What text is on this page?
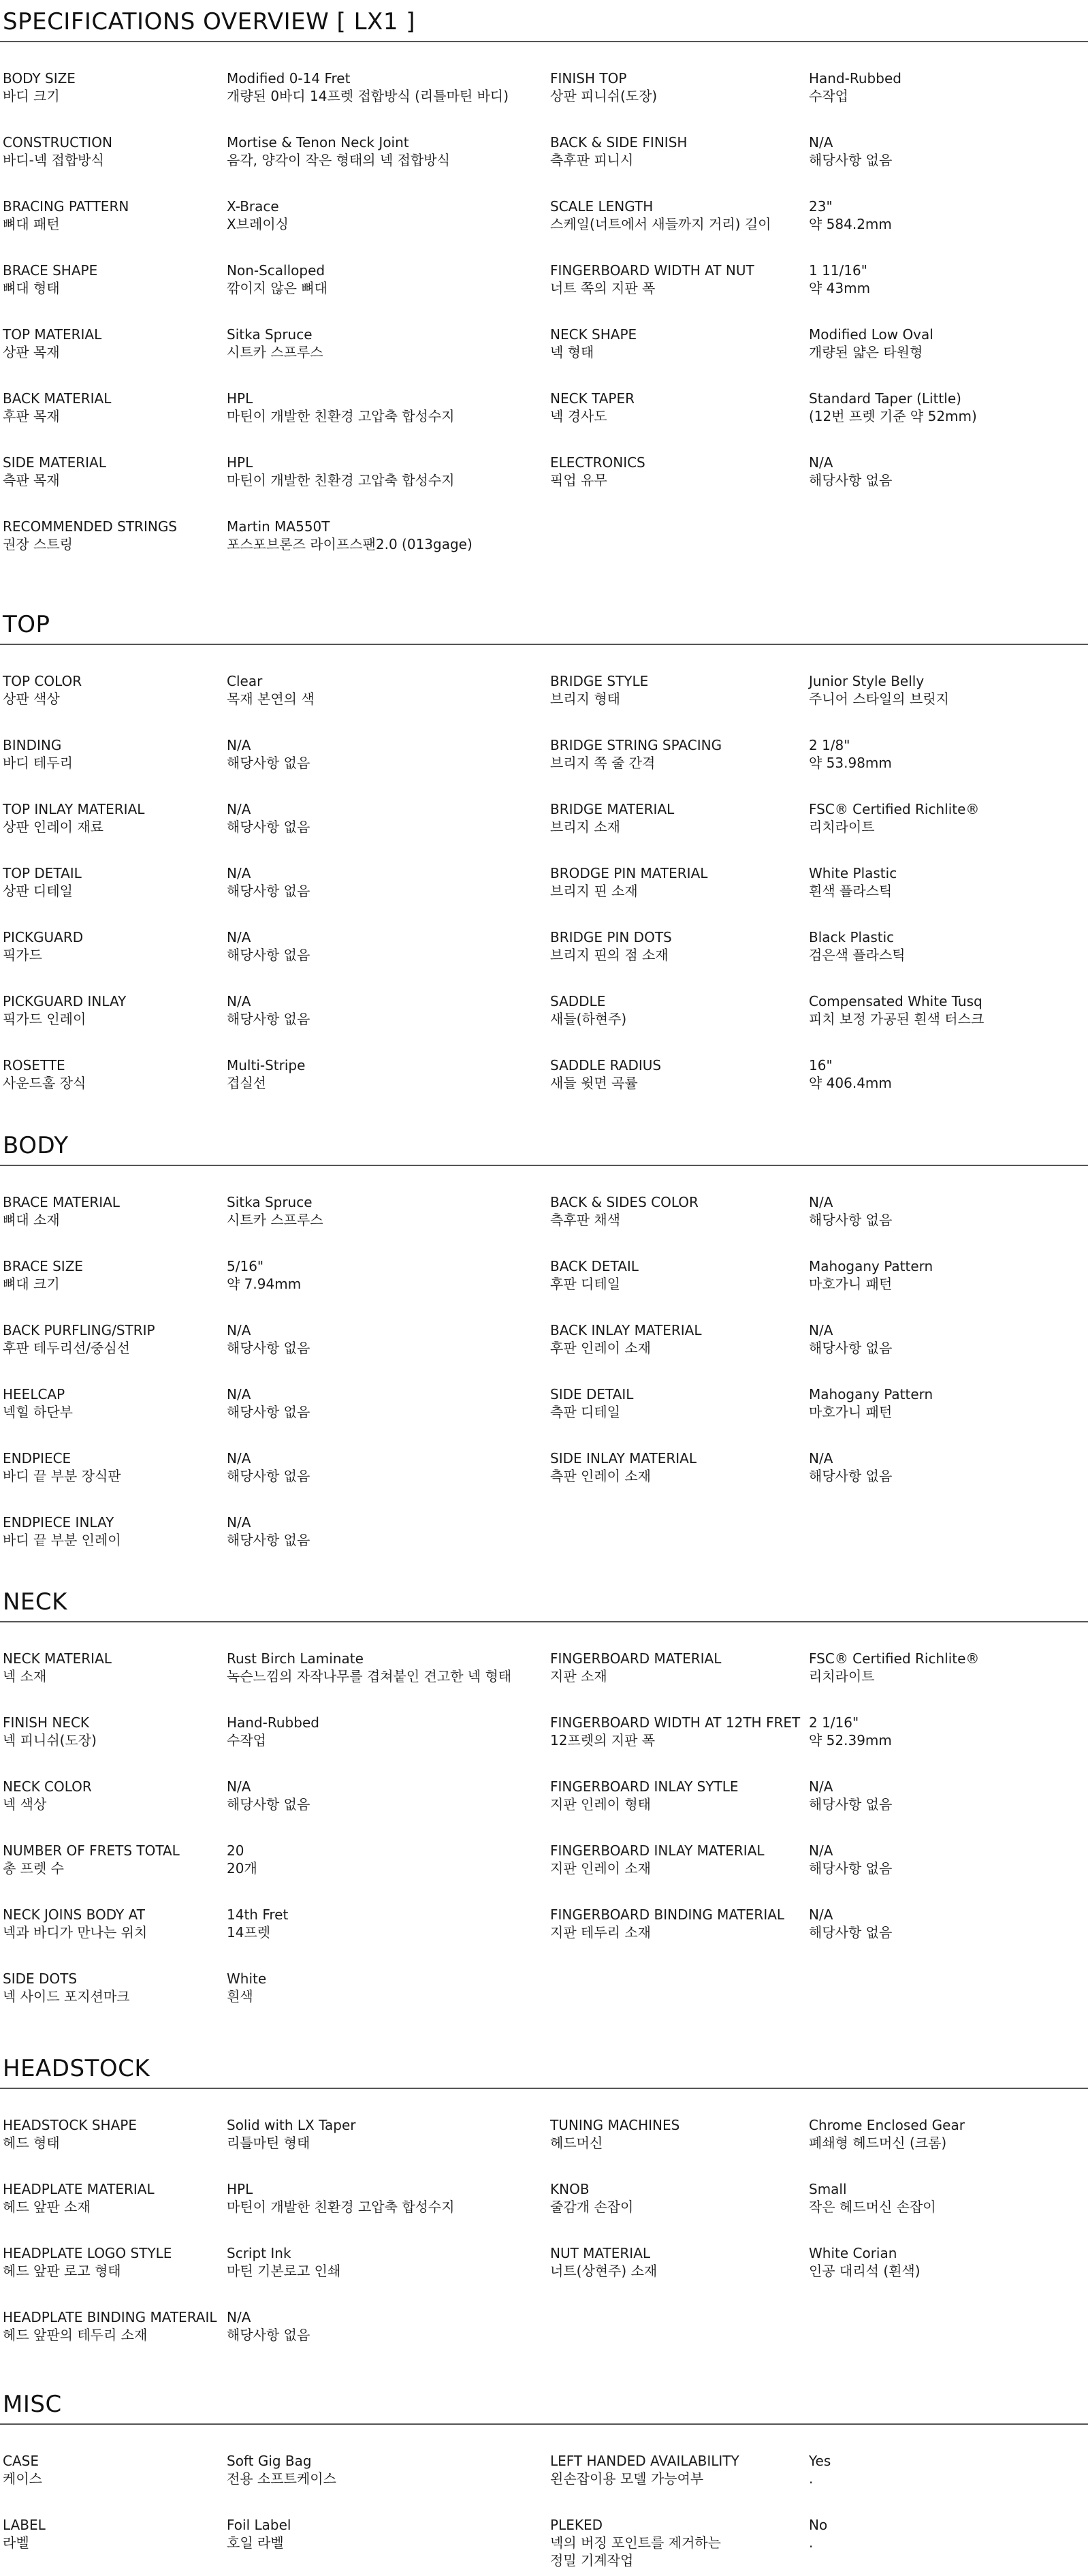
SPECIFICATIONS OVERVIEW [ LX1 ]
BODY SIZE
바디 크기
Modified 0-14 Fret
개량된 0바디 14프렛 접합방식 (리틀마틴 바디)
FINISH TOP
상판 피니쉬(도장)
Hand-Rubbed
수작업
CONSTRUCTION
바디-넥 접합방식
Mortise & Tenon Neck Joint
음각, 양각이 작은 형태의 넥 접합방식
BACK & SIDE FINISH
측후판 피니시
N/A
해당사항 없음
BRACING PATTERN
뼈대 패턴
X-Brace
X브레이싱
SCALE LENGTH
스케일(너트에서 새들까지 거리) 길이
23"
약 584.2mm
BRACE SHAPE
뼈대 형태
Non-Scalloped
깎이지 않은 뼈대
FINGERBOARD WIDTH AT NUT
너트 쪽의 지판 폭
1 11/16"
약 43mm
TOP MATERIAL
상판 목재
Sitka Spruce
시트카 스프루스
NECK SHAPE
넥 형태
Modified Low Oval
개량된 얇은 타원형
BACK MATERIAL
후판 목재
HPL
마틴이 개발한 친환경 고압축 합성수지
NECK TAPER
넥 경사도
Standard Taper (Little)
(12번 프렛 기준 약 52mm)
SIDE MATERIAL
측판 목재
HPL
마틴이 개발한 친환경 고압축 합성수지
ELECTRONICS
픽업 유무
N/A
해당사항 없음
RECOMMENDED STRINGS
권장 스트링
Martin MA550T
포스포브론즈 라이프스팬2.0 (013gage)
TOP
TOP COLOR
상판 색상
Clear
목재 본연의 색
BRIDGE STYLE
브리지 형태
Junior Style Belly
주니어 스타일의 브릿지
BINDING
바디 테두리
N/A
해당사항 없음
BRIDGE STRING SPACING
브리지 쪽 줄 간격
2 1/8"
약 53.98mm
TOP INLAY MATERIAL
상판 인레이 재료
N/A
해당사항 없음
BRIDGE MATERIAL
브리지 소재
FSC® Certified Richlite®
리치라이트
TOP DETAIL
상판 디테일
N/A
해당사항 없음
BRODGE PIN MATERIAL
브리지 핀 소재
White Plastic
흰색 플라스틱
PICKGUARD
픽가드
N/A
해당사항 없음
BRIDGE PIN DOTS
브리지 핀의 점 소재
Black Plastic
검은색 플라스틱
PICKGUARD INLAY
픽가드 인레이
N/A
해당사항 없음
SADDLE
새들(하현주)
Compensated White Tusq
피치 보정 가공된 흰색 터스크
ROSETTE
사운드홀 장식
Multi-Stripe
겹실선
SADDLE RADIUS
새들 윗면 곡률
16"
약 406.4mm
BODY
BRACE MATERIAL
뼈대 소재
Sitka Spruce
시트카 스프루스
BACK & SIDES COLOR
측후판 채색
N/A
해당사항 없음
BRACE SIZE
뼈대 크기
5/16"
약 7.94mm
BACK DETAIL
후판 디테일
Mahogany Pattern
마호가니 패턴
BACK PURFLING/STRIP
후판 테두리선/중심선
N/A
해당사항 없음
BACK INLAY MATERIAL
후판 인레이 소재
N/A
해당사항 없음
HEELCAP
넥힐 하단부
N/A
해당사항 없음
SIDE DETAIL
측판 디테일
Mahogany Pattern
마호가니 패턴
ENDPIECE
바디 끝 부분 장식판
N/A
해당사항 없음
SIDE INLAY MATERIAL
측판 인레이 소재
N/A
해당사항 없음
ENDPIECE INLAY
바디 끝 부분 인레이
N/A
해당사항 없음
NECK
NECK MATERIAL
넥 소재
Rust Birch Laminate
녹슨느낌의 자작나무를 겹쳐붙인 견고한 넥 형태
FINGERBOARD MATERIAL
지판 소재
FSC® Certified Richlite®
리치라이트
FINISH NECK
넥 피니쉬(도장)
Hand-Rubbed
수작업
FINGERBOARD WIDTH AT 12TH FRET
12프렛의 지판 폭
2 1/16"
약 52.39mm
NECK COLOR
넥 색상
N/A
해당사항 없음
FINGERBOARD INLAY SYTLE
지판 인레이 형태
N/A
해당사항 없음
NUMBER OF FRETS TOTAL
총 프렛 수
20
20개
FINGERBOARD INLAY MATERIAL
지판 인레이 소재
N/A
해당사항 없음
NECK JOINS BODY AT
넥과 바디가 만나는 위치
14th Fret
14프렛
FINGERBOARD BINDING MATERIAL
지판 테두리 소재
N/A
해당사항 없음
SIDE DOTS
넥 사이드 포지션마크
White
흰색
HEADSTOCK
HEADSTOCK SHAPE
헤드 형태
Solid with LX Taper
리틀마틴 형태
TUNING MACHINES
헤드머신
Chrome Enclosed Gear
폐쇄형 헤드머신 (크롬)
HEADPLATE MATERIAL
헤드 앞판 소재
HPL
마틴이 개발한 친환경 고압축 합성수지
KNOB
줄감개 손잡이
Small
작은 헤드머신 손잡이
HEADPLATE LOGO STYLE
헤드 앞판 로고 형태
Script Ink
마틴 기본로고 인쇄
NUT MATERIAL
너트(상현주) 소재
White Corian
인공 대리석 (흰색)
HEADPLATE BINDING MATERAIL
헤드 앞판의 테두리 소재
N/A
해당사항 없음
MISC
CASE
케이스
Soft Gig Bag
전용 소프트케이스
LEFT HANDED AVAILABILITY
왼손잡이용 모델 가능여부
Yes
.
LABEL
라벨
Foil Label
호일 라벨
PLEKED
넥의 버징 포인트를 제거하는
정밀 기계작업
No
.
